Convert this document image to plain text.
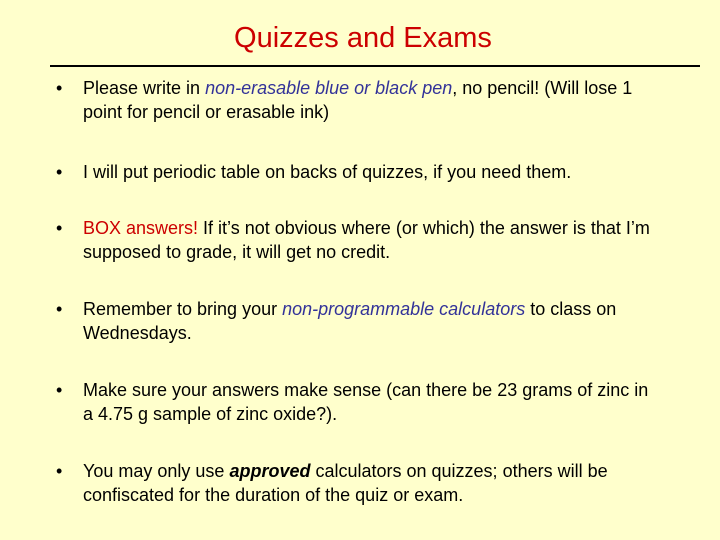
Quizzes and Exams
•	Please write in non-erasable blue or black pen, no pencil! (Will lose 1 point for pencil or erasable ink)
•	I will put periodic table on backs of quizzes, if you need them.
•	BOX answers! If it’s not obvious where (or which) the answer is that I’m supposed to grade, it will get no credit.
•	Remember to bring your non-programmable calculators to class on Wednesdays.
•	Make sure your answers make sense (can there be 23 grams of zinc in a 4.75 g sample of zinc oxide?).
•	You may only use approved calculators on quizzes; others will be confiscated for the duration of the quiz or exam.
